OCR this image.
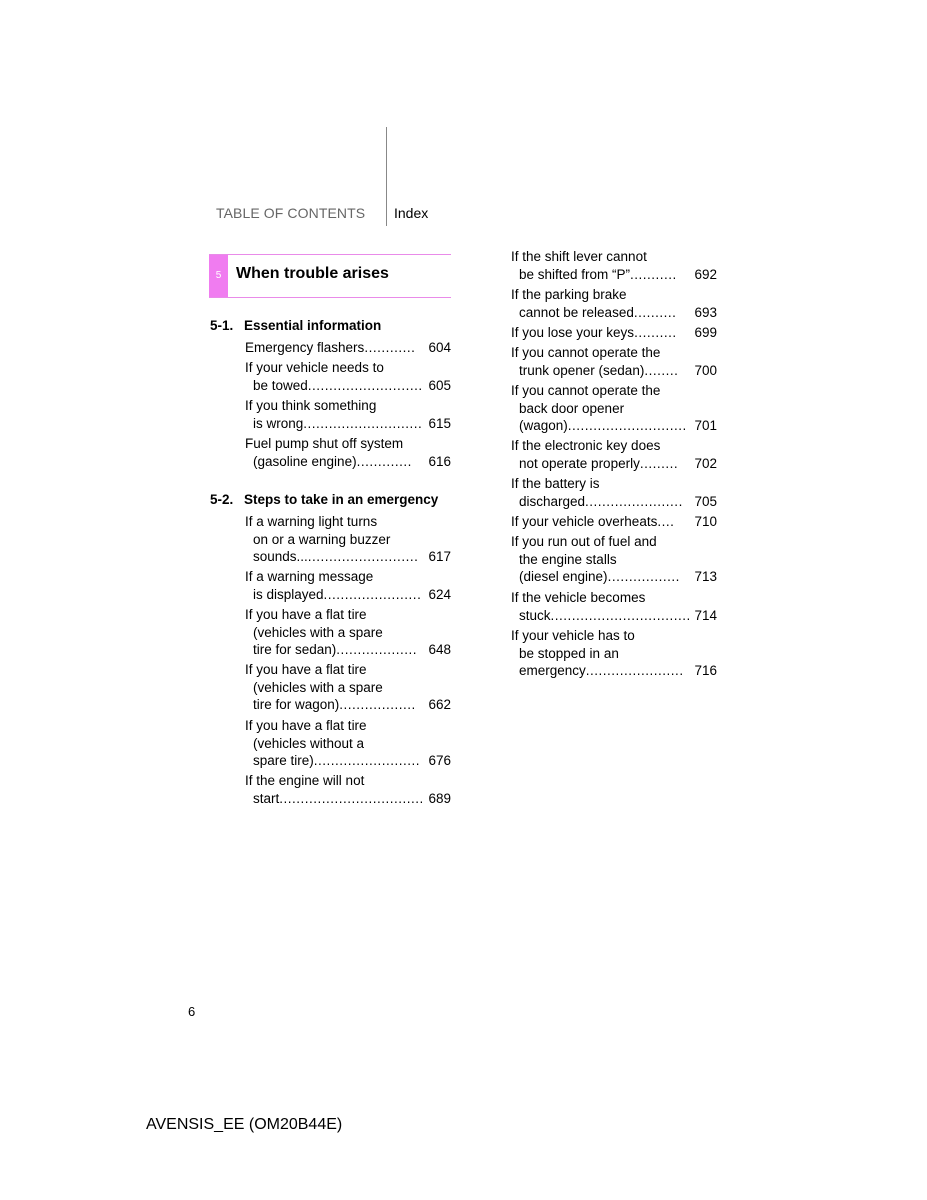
TABLE OF CONTENTS Index
5 When trouble arises
5-1. Essential information
Emergency flashers ............ 604
If your vehicle needs to
be towed ........................... 605
If you think something
is wrong ............................ 615
Fuel pump shut off system
(gasoline engine) .............	616
5-2. Steps to take in an emergency
If a warning light turns
on or a warning buzzer
sounds... .......................... 617
If a warning message
is displayed ....................... 624
If you have a flat tire
(vehicles with a spare
tire for sedan) ................... 648
If you have a flat tire
(vehicles with a spare
tire for wagon) .................. 662
If you have a flat tire
(vehicles without a
spare tire) ......................... 676
If the engine will not
start .................................. 689
If the shift lever cannot
be shifted from “P” ...........	692
If the parking brake
cannot be released ..........	693
If you lose your keys ..........	699
If you cannot operate the
trunk opener (sedan) ........	700
If you cannot operate the
back door opener
(wagon) ............................ 701
If the electronic key does
not operate properly .........	702
If the battery is
discharged ....................... 705
If your vehicle overheats ....	710
If you run out of fuel and
the engine stalls
(diesel engine) .................	713
If the vehicle becomes
stuck ................................. 714
If your vehicle has to
be stopped in an
emergency ....................... 716
6
AVENSIS_EE (OM20B44E)
